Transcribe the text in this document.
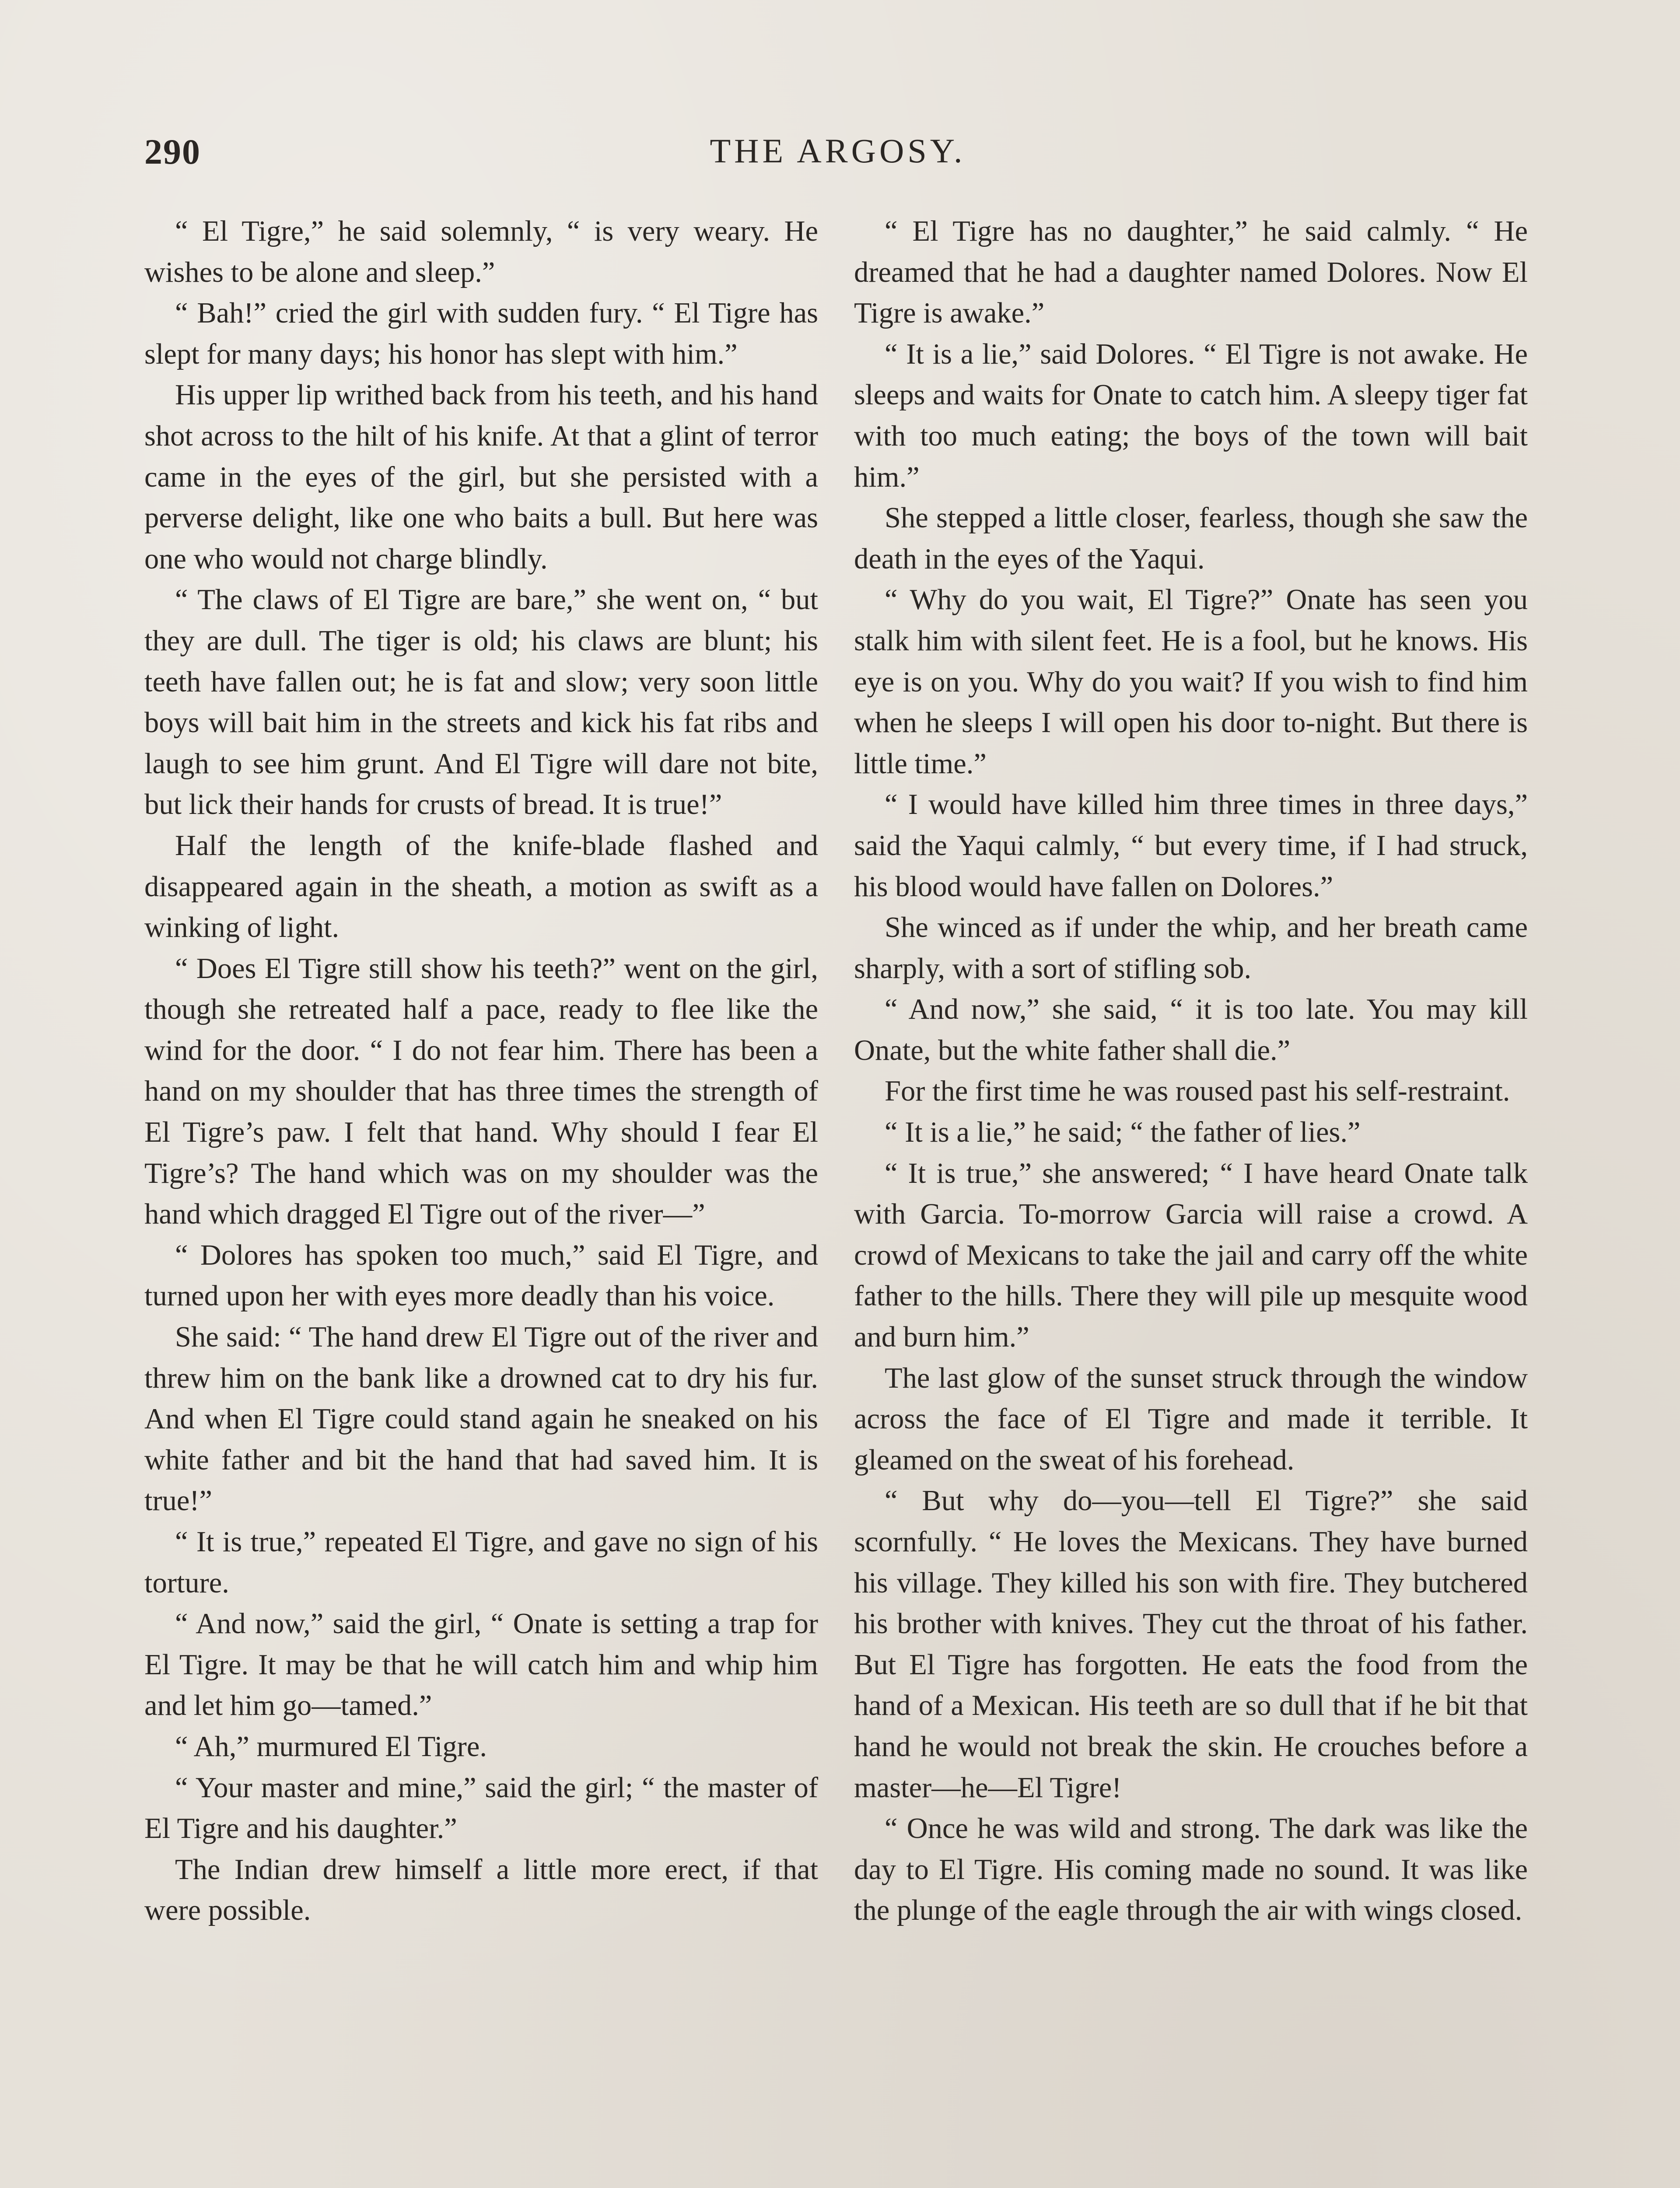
290	THE ARGOSY.

“ El Tigre,” he said solemnly, “ is very weary. He wishes to be alone and sleep.”

“ Bah!” cried the girl with sudden fury. “ El Tigre has slept for many days; his honor has slept with him.”

His upper lip writhed back from his teeth, and his hand shot across to the hilt of his knife. At that a glint of terror came in the eyes of the girl, but she persisted with a perverse delight, like one who baits a bull. But here was one who would not charge blindly.

“ The claws of El Tigre are bare,” she went on, “ but they are dull. The tiger is old; his claws are blunt; his teeth have fallen out; he is fat and slow; very soon little boys will bait him in the streets and kick his fat ribs and laugh to see him grunt. And El Tigre will dare not bite, but lick their hands for crusts of bread. It is true!”

Half the length of the knife-blade flashed and disappeared again in the sheath, a motion as swift as a winking of light.

“ Does El Tigre still show his teeth?” went on the girl, though she retreated half a pace, ready to flee like the wind for the door. “ I do not fear him. There has been a hand on my shoulder that has three times the strength of El Tigre’s paw. I felt that hand. Why should I fear El Tigre’s? The hand which was on my shoulder was the hand which dragged El Tigre out of the river—”

“ Dolores has spoken too much,” said El Tigre, and turned upon her with eyes more deadly than his voice.

She said: “ The hand drew El Tigre out of the river and threw him on the bank like a drowned cat to dry his fur. And when El Tigre could stand again he sneaked on his white father and bit the hand that had saved him. It is true!”

“ It is true,” repeated El Tigre, and gave no sign of his torture.

“ And now,” said the girl, “ Onate is setting a trap for El Tigre. It may be that he will catch him and whip him and let him go—tamed.”

“ Ah,” murmured El Tigre.

“ Your master and mine,” said the girl; “ the master of El Tigre and his daughter.”

The Indian drew himself a little more erect, if that were possible.

“ El Tigre has no daughter,” he said calmly. “ He dreamed that he had a daughter named Dolores. Now El Tigre is awake.”

“ It is a lie,” said Dolores. “ El Tigre is not awake. He sleeps and waits for Onate to catch him. A sleepy tiger fat with too much eating; the boys of the town will bait him.”

She stepped a little closer, fearless, though she saw the death in the eyes of the Yaqui.

“ Why do you wait, El Tigre?” Onate has seen you stalk him with silent feet. He is a fool, but he knows. His eye is on you. Why do you wait? If you wish to find him when he sleeps I will open his door to-night. But there is little time.”

“ I would have killed him three times in three days,” said the Yaqui calmly, “ but every time, if I had struck, his blood would have fallen on Dolores.”

She winced as if under the whip, and her breath came sharply, with a sort of stifling sob.

“ And now,” she said, “ it is too late. You may kill Onate, but the white father shall die.”

For the first time he was roused past his self-restraint.

“ It is a lie,” he said; “ the father of lies.”

“ It is true,” she answered; “ I have heard Onate talk with Garcia. To-morrow Garcia will raise a crowd. A crowd of Mexicans to take the jail and carry off the white father to the hills. There they will pile up mesquite wood and burn him.”

The last glow of the sunset struck through the window across the face of El Tigre and made it terrible. It gleamed on the sweat of his forehead.

“ But why do—you—tell El Tigre?” she said scornfully. “ He loves the Mexicans. They have burned his village. They killed his son with fire. They butchered his brother with knives. They cut the throat of his father. But El Tigre has forgotten. He eats the food from the hand of a Mexican. His teeth are so dull that if he bit that hand he would not break the skin. He crouches before a master—he—El Tigre!

“ Once he was wild and strong. The dark was like the day to El Tigre. His coming made no sound. It was like the plunge of the eagle through the air with wings closed.
